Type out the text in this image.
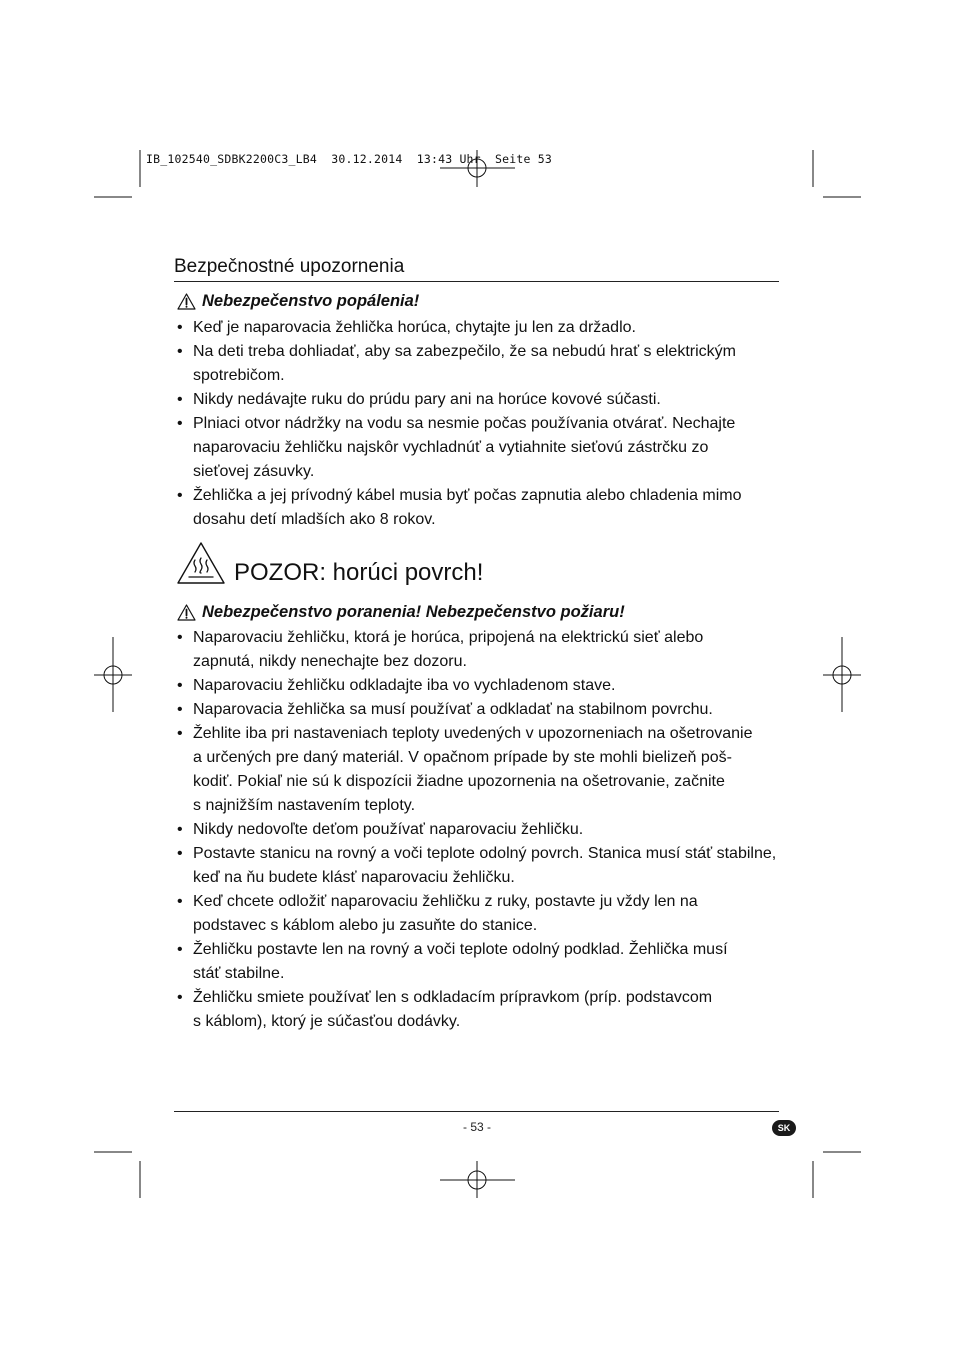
IB_102540_SDBK2200C3_LB4  30.12.2014  13:43 Uhr  Seite 53
Bezpečnostné upozornenia
Nebezpečenstvo popálenia!
• Keď je naparovacia žehlička horúca, chytajte ju len za držadlo.
• Na deti treba dohliadať, aby sa zabezpečilo, že sa nebudú hrať s elektrickým
spotrebičom.
• Nikdy nedávajte ruku do prúdu pary ani na horúce kovové súčasti.
• Plniaci otvor nádržky na vodu sa nesmie počas používania otvárať. Nechajte
naparovaciu žehličku najskôr vychladnúť a vytiahnite sieťovú zástrčku zo
sieťovej zásuvky.
• Žehlička a jej prívodný kábel musia byť počas zapnutia alebo chladenia mimo
dosahu detí mladších ako 8 rokov.
POZOR: horúci povrch!
Nebezpečenstvo poranenia! Nebezpečenstvo požiaru!
• Naparovaciu žehličku, ktorá je horúca, pripojená na elektrickú sieť alebo
zapnutá, nikdy nenechajte bez dozoru.
• Naparovaciu žehličku odkladajte iba vo vychladenom stave.
• Naparovacia žehlička sa musí používať a odkladať na stabilnom povrchu.
• Žehlite iba pri nastaveniach teploty uvedených v upozorneniach na ošetrovanie
a určených pre daný materiál. V opačnom prípade by ste mohli bielizeň poš-
kodiť. Pokiaľ nie sú k dispozícii žiadne upozornenia na ošetrovanie, začnite
s najnižším nastavením teploty.
• Nikdy nedovoľte deťom používať naparovaciu žehličku.
• Postavte stanicu na rovný a voči teplote odolný povrch. Stanica musí stáť stabilne,
keď na ňu budete klásť naparovaciu žehličku.
• Keď chcete odložiť naparovaciu žehličku z ruky, postavte ju vždy len na
podstavec s káblom alebo ju zasuňte do stanice.
• Žehličku postavte len na rovný a voči teplote odolný podklad. Žehlička musí
stáť stabilne.
• Žehličku smiete používať len s odkladacím prípravkom (príp. podstavcom
s káblom), ktorý je súčasťou dodávky.
- 53 -	SK
